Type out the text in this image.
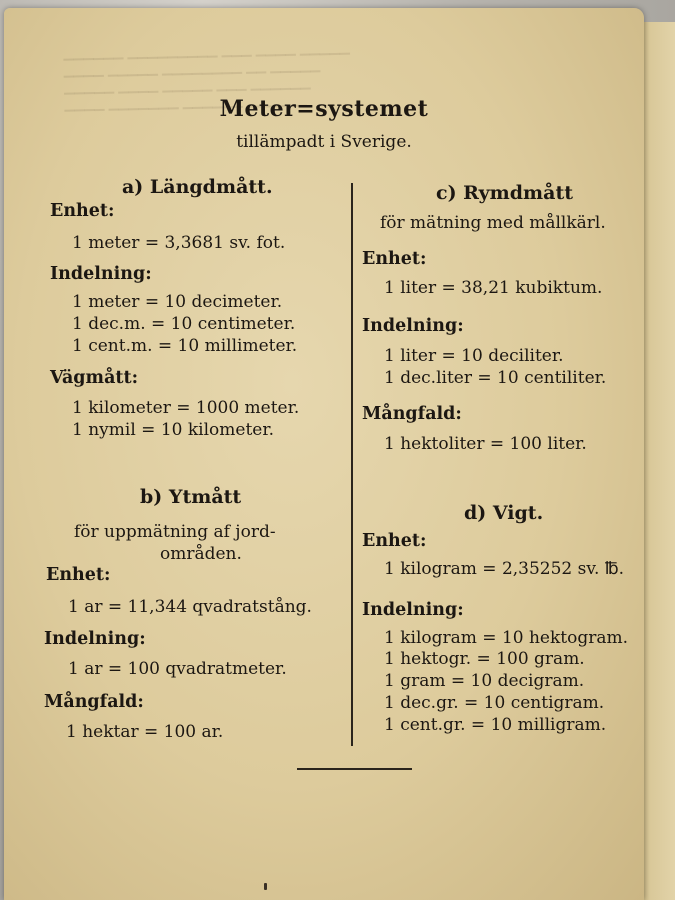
▁▁▁▁▁▁ ▁▁▁▁▁▁▁▁▁ ▁▁▁ ▁▁▁▁ ▁▁▁▁▁
▁▁▁▁ ▁▁▁▁▁ ▁▁▁▁▁▁▁▁ ▁▁ ▁▁▁▁▁
▁▁▁▁▁ ▁▁▁▁ ▁▁▁▁▁ ▁▁▁ ▁▁▁▁▁▁
▁▁▁▁ ▁▁▁▁▁▁▁ ▁▁▁▁▁▁ ▁▁▁▁▁▁
Meter=systemet
tillämpadt i Sverige.
a) Längdmått.
Enhet:
1 meter = 3,3681 sv. fot.
Indelning:
1 meter = 10 decimeter.
1 dec.m. = 10 centimeter.
1 cent.m. = 10 millimeter.
Vägmått:
1 kilometer = 1000 meter.
1 nymil = 10 kilometer.
b) Ytmått
för uppmätning af jord-
områden.
Enhet:
1 ar = 11,344 qvadratstång.
Indelning:
1 ar = 100 qvadratmeter.
Mångfald:
1 hektar = 100 ar.
c) Rymdmått
för mätning med mållkärl.
Enhet:
1 liter = 38,21 kubiktum.
Indelning:
1 liter = 10 deciliter.
1 dec.liter = 10 centiliter.
Mångfald:
1 hektoliter = 100 liter.
d) Vigt.
Enhet:
1 kilogram = 2,35252 sv. ℔.
Indelning:
1 kilogram = 10 hektogram.
1 hektogr. = 100 gram.
1 gram = 10 decigram.
1 dec.gr. = 10 centigram.
1 cent.gr. = 10 milligram.
